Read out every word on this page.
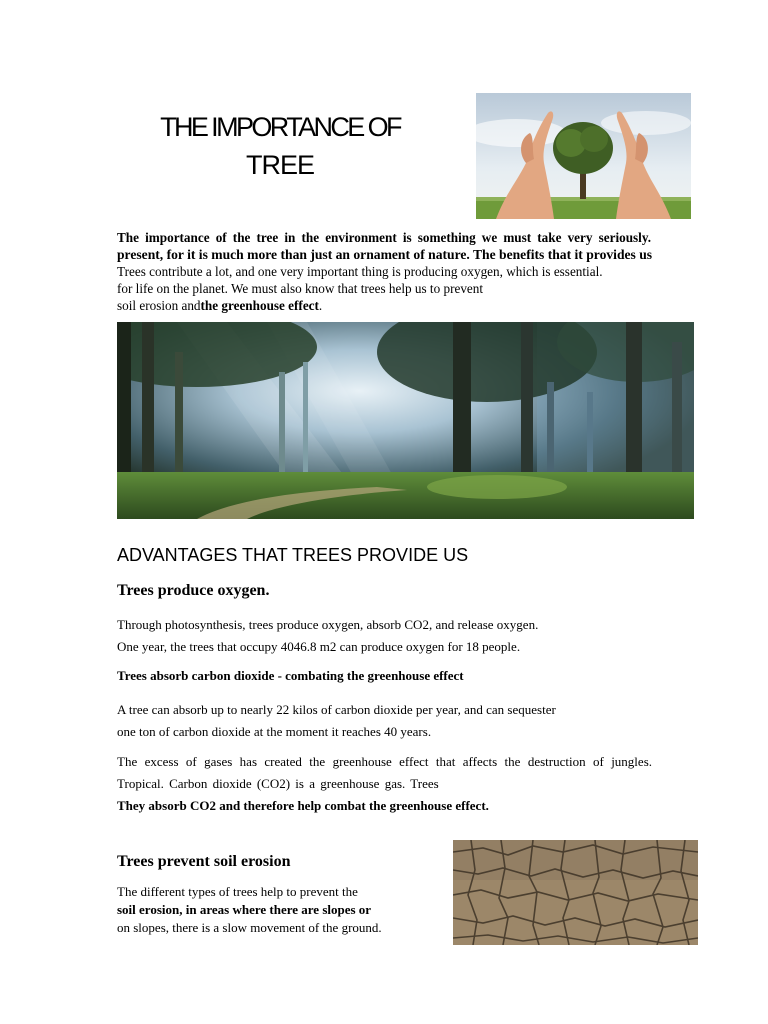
THE IMPORTANCE OF
TREE
The importance of the tree in the environment is something we must take very seriously.
present, for it is much more than just an ornament of nature. The benefits that it provides us
Trees contribute a lot, and one very important thing is producing oxygen, which is essential.
for life on the planet. We must also know that trees help us to prevent
soil erosion andthe greenhouse effect.
ADVANTAGES THAT TREES PROVIDE US
Trees produce oxygen.
Through photosynthesis, trees produce oxygen, absorb CO2, and release oxygen.
One year, the trees that occupy 4046.8 m2 can produce oxygen for 18 people.
Trees absorb carbon dioxide - combating the greenhouse effect
A tree can absorb up to nearly 22 kilos of carbon dioxide per year, and can sequester
one ton of carbon dioxide at the moment it reaches 40 years.
The excess of gases has created the greenhouse effect that affects the destruction of jungles.
Tropical. Carbon dioxide (CO2) is a greenhouse gas. Trees
They absorb CO2 and therefore help combat the greenhouse effect.
Trees prevent soil erosion
The different types of trees help to prevent the
soil erosion, in areas where there are slopes or
on slopes, there is a slow movement of the ground.
